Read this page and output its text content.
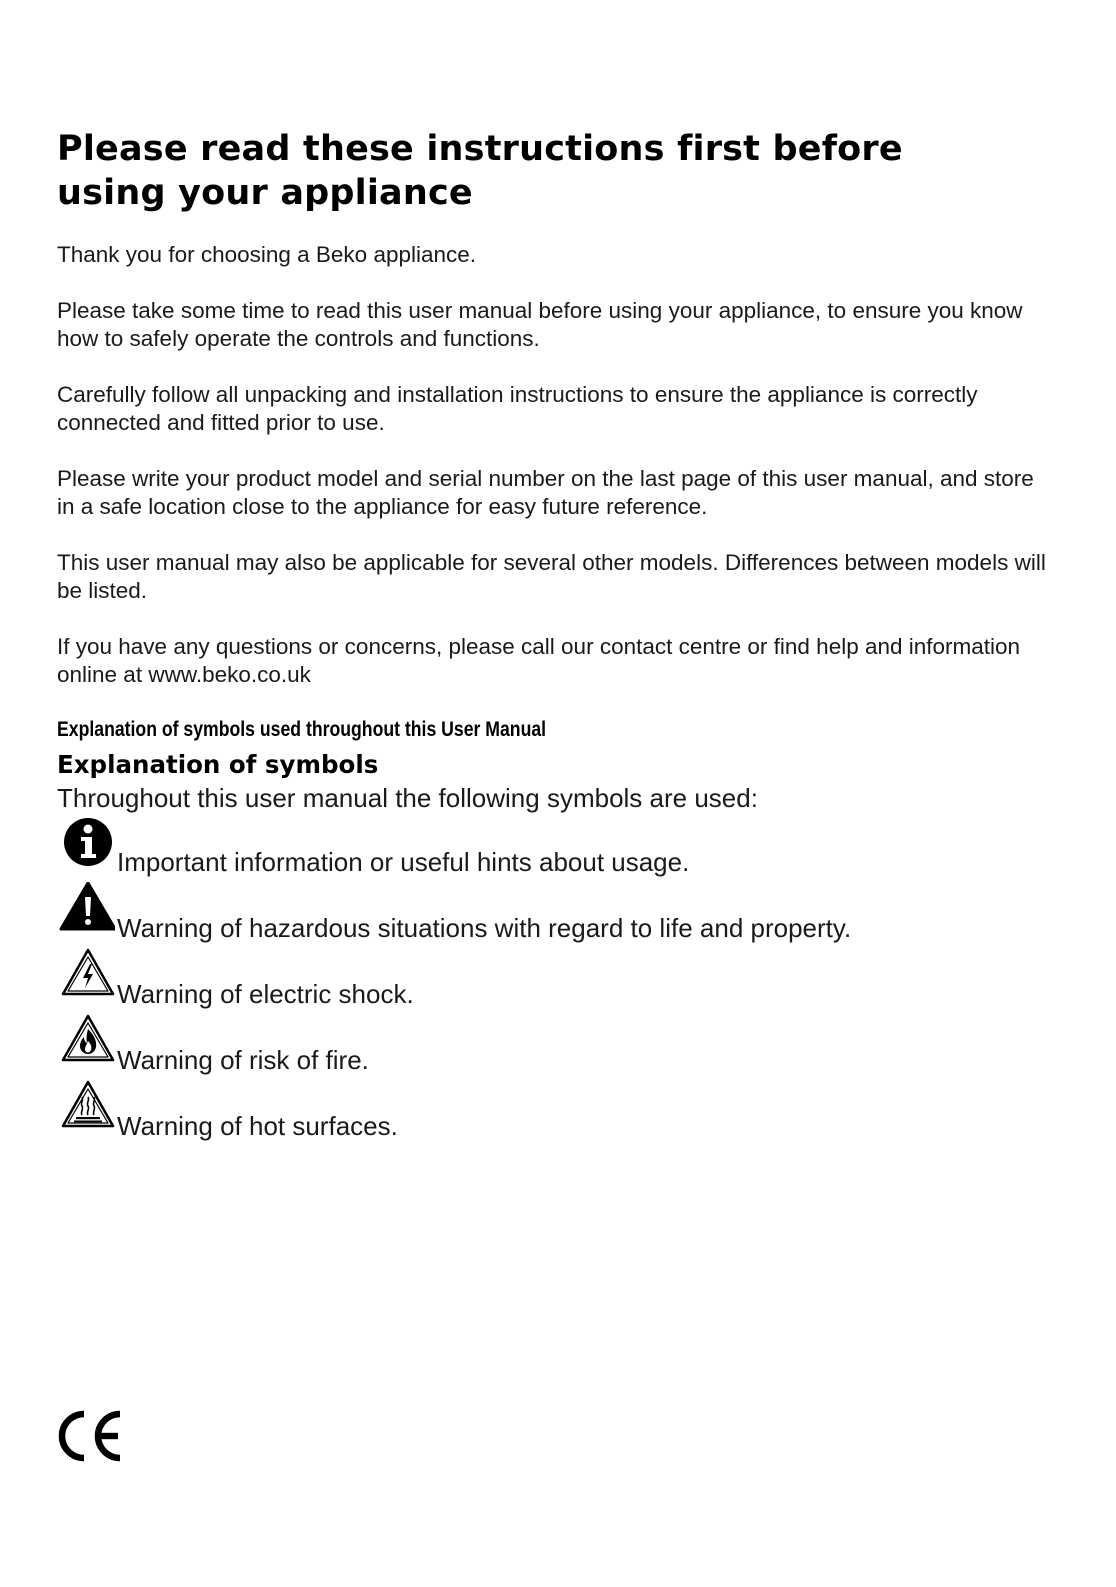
Please read these instructions first before using your appliance

Thank you for choosing a Beko appliance.

Please take some time to read this user manual before using your appliance, to ensure you know how to safely operate the controls and functions.

Carefully follow all unpacking and installation instructions to ensure the appliance is correctly connected and fitted prior to use.

Please write your product model and serial number on the last page of this user manual, and store in a safe location close to the appliance for easy future reference.

This user manual may also be applicable for several other models. Differences between models will be listed.

If you have any questions or concerns, please call our contact centre or find help and information online at www.beko.co.uk

Explanation of symbols used throughout this User Manual
Explanation of symbols

Throughout this user manual the following symbols are used:

Important information or useful hints about usage.
Warning of hazardous situations with regard to life and property.
Warning of electric shock.
Warning of risk of fire.
Warning of hot surfaces.
